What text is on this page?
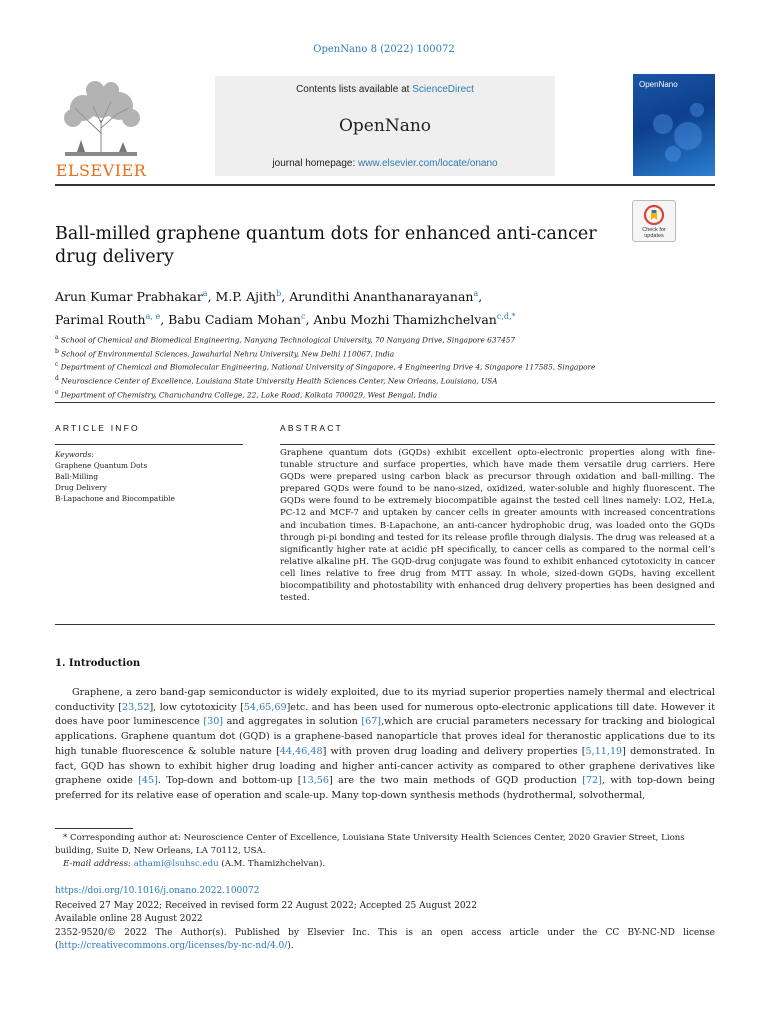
OpenNano 8 (2022) 100072
ELSEVIER
Contents lists available at ScienceDirect
OpenNano
journal homepage: www.elsevier.com/locate/onano
OpenNano
Check for updates
Ball-milled graphene quantum dots for enhanced anti-cancer drug delivery
Arun Kumar Prabhakar$^a$, M.P. Ajith$^b$, Arundithi Ananthanarayanan$^a$,
Parimal Routh$^{a, e}$, Babu Cadiam Mohan$^c$, Anbu Mozhi Thamizhchelvan$^{c,d,*}$
$^a$ School of Chemical and Biomedical Engineering, Nanyang Technological University, 70 Nanyang Drive, Singapore 637457
$^b$ School of Environmental Sciences, Jawaharlal Nehru University, New Delhi 110067, India
$^c$ Department of Chemical and Biomolecular Engineering, National University of Singapore, 4 Engineering Drive 4, Singapore 117585, Singapore
$^d$ Neuroscience Center of Excellence, Louisiana State University Health Sciences Center, New Orleans, Louisiana, USA
$^e$ Department of Chemistry, Charuchandra College, 22, Lake Road, Kolkata 700029, West Bengal, India
ARTICLE INFO	ABSTRACT
Keywords:
Graphene Quantum Dots
Ball-Milling
Drug Delivery
B-Lapachone and Biocompatible
Graphene quantum dots (GQDs) exhibit excellent opto-electronic properties along with fine-tunable structure and surface properties, which have made them versatile drug carriers. Here GQDs were prepared using carbon black as precursor through oxidation and ball-milling. The prepared GQDs were found to be nano-sized, oxidized, water-soluble and highly fluorescent. The GQDs were found to be extremely biocompatible against the tested cell lines namely: LO2, HeLa, PC-12 and MCF-7 and uptaken by cancer cells in greater amounts with increased concentrations and incubation times. B-Lapachone, an anti-cancer hydrophobic drug, was loaded onto the GQDs through pi-pi bonding and tested for its release profile through dialysis. The drug was released at a significantly higher rate at acidic pH specifically, to cancer cells as compared to the normal cell’s relative alkaline pH. The GQD-drug conjugate was found to exhibit enhanced cytotoxicity in cancer cell lines relative to free drug from MTT assay. In whole, sized-down GQDs, having excellent biocompatibility and photostability with enhanced drug delivery properties has been designed and tested.
1. Introduction
Graphene, a zero band-gap semiconductor is widely exploited, due to its myriad superior properties namely thermal and electrical conductivity [23,52], low cytotoxicity [54,65,69]etc. and has been used for numerous opto-electronic applications till date. However it does have poor luminescence [30] and aggregates in solution [67],which are crucial parameters necessary for tracking and biological applications. Graphene quantum dot (GQD) is a graphene-based nanoparticle that proves ideal for theranostic applications due to its high tunable fluorescence & soluble nature [44,46,48] with proven drug loading and delivery properties [5,11,19] demonstrated. In fact, GQD has shown to exhibit higher drug loading and higher anti-cancer activity as compared to other graphene derivatives like graphene oxide [45]. Top-down and bottom-up [13,56] are the two main methods of GQD production [72], with top-down being preferred for its relative ease of operation and scale-up. Many top-down synthesis methods (hydrothermal, solvothermal,
* Corresponding author at: Neuroscience Center of Excellence, Louisiana State University Health Sciences Center, 2020 Gravier Street, Lions building, Suite D, New Orleans, LA 70112, USA.
E-mail address: athami@lsuhsc.edu (A.M. Thamizhchelvan).
https://doi.org/10.1016/j.onano.2022.100072
Received 27 May 2022; Received in revised form 22 August 2022; Accepted 25 August 2022
Available online 28 August 2022
2352-9520/© 2022 The Author(s). Published by Elsevier Inc. This is an open access article under the CC BY-NC-ND license (http://creativecommons.org/licenses/by-nc-nd/4.0/).
